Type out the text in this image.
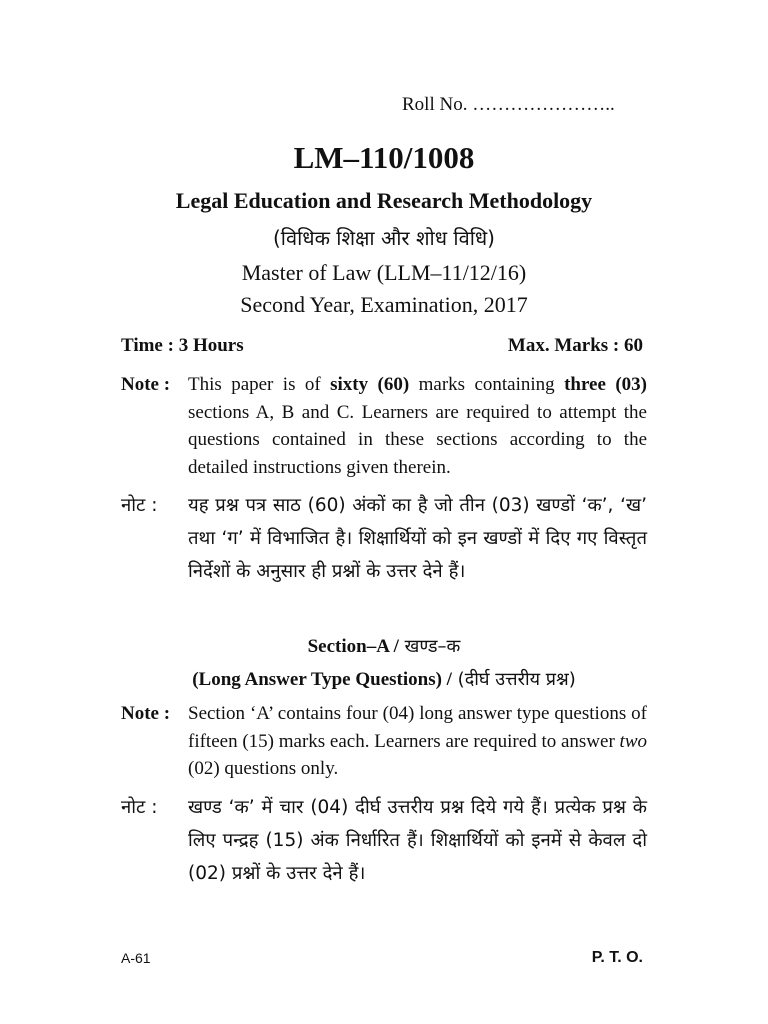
Roll No. …………………..
LM–110/1008
Legal Education and Research Methodology
(विधिक शिक्षा और शोध विधि)
Master of Law (LLM–11/12/16)
Second Year, Examination, 2017
Time : 3 Hours	Max. Marks : 60
Note : This paper is of sixty (60) marks containing three (03) sections A, B and C. Learners are required to attempt the questions contained in these sections according to the detailed instructions given therein.
नोट : यह प्रश्न पत्र साठ (60) अंकों का है जो तीन (03) खण्डों ‘क’, ‘ख’ तथा ‘ग’ में विभाजित है। शिक्षार्थियों को इन खण्डों में दिए गए विस्तृत निर्देशों के अनुसार ही प्रश्नों के उत्तर देने हैं।
Section–A / खण्ड–क
(Long Answer Type Questions) / (दीर्घ उत्तरीय प्रश्न)
Note : Section ‘A’ contains four (04) long answer type questions of fifteen (15) marks each. Learners are required to answer two (02) questions only.
नोट : खण्ड ‘क’ में चार (04) दीर्घ उत्तरीय प्रश्न दिये गये हैं। प्रत्येक प्रश्न के लिए पन्द्रह (15) अंक निर्धारित हैं। शिक्षार्थियों को इनमें से केवल दो (02) प्रश्नों के उत्तर देने हैं।
A-61	P. T. O.
